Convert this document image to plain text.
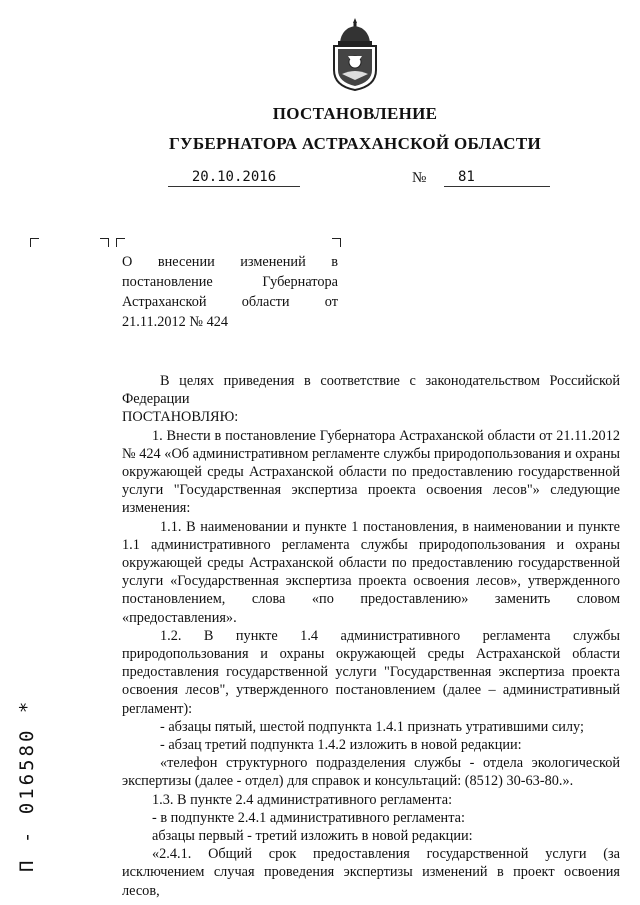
ПОСТАНОВЛЕНИЕ
ГУБЕРНАТОРА АСТРАХАНСКОЙ ОБЛАСТИ
20.10.2016	№	81
О внесении изменений в постановление Губернатора Астраханской области от 21.11.2012 № 424

В целях приведения в соответствие с законодательством Российской Федерации

ПОСТАНОВЛЯЮ:

1. Внести в постановление Губернатора Астраханской области от 21.11.2012 № 424 «Об административном регламенте службы природопользования и охраны окружающей среды Астраханской области по предоставлению государственной услуги "Государственная экспертиза проекта освоения лесов"» следующие изменения:

1.1. В наименовании и пункте 1 постановления, в наименовании и пункте 1.1 административного регламента службы природопользования и охраны окружающей среды Астраханской области по предоставлению государственной услуги «Государственная экспертиза проекта освоения лесов», утвержденного постановлением, слова «по предоставлению» заменить словом «предоставления».

1.2. В пункте 1.4 административного регламента службы природопользования и охраны окружающей среды Астраханской области предоставления государственной услуги "Государственная экспертиза проекта освоения лесов", утвержденного постановлением (далее – административный регламент):

- абзацы пятый, шестой подпункта 1.4.1 признать утратившими силу;

- абзац третий подпункта 1.4.2 изложить в новой редакции:

«телефон структурного подразделения службы - отдела экологической экспертизы (далее - отдел) для справок и консультаций: (8512) 30-63-80.».

1.3. В пункте 2.4 административного регламента:

- в подпункте 2.4.1 административного регламента:

абзацы первый - третий изложить в новой редакции:

«2.4.1. Общий срок предоставления государственной услуги (за исключением случая проведения экспертизы изменений в проект освоения лесов,

П - 016580 *
